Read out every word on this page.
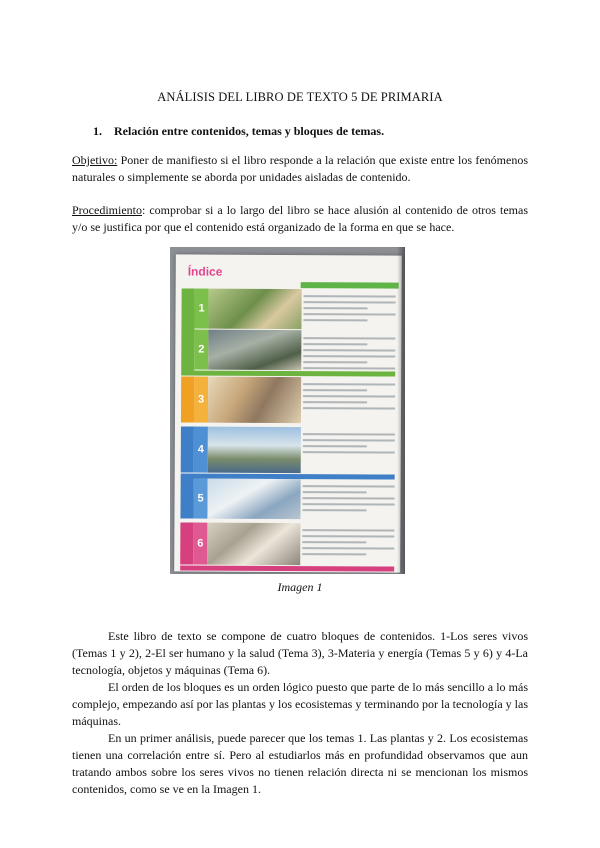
ANÁLISIS DEL LIBRO DE TEXTO 5 DE PRIMARIA
1. Relación entre contenidos, temas y bloques de temas.
Objetivo: Poner de manifiesto si el libro responde a la relación que existe entre los fenómenos naturales o simplemente se aborda por unidades aisladas de contenido.
Procedimiento: comprobar si a lo largo del libro se hace alusión al contenido de otros temas y/o se justifica por que el contenido está organizado de la forma en que se hace.
Índice
1
2
3
4
5
6
Imagen 1
Este libro de texto se compone de cuatro bloques de contenidos. 1-Los seres vivos (Temas 1 y 2), 2-El ser humano y la salud (Tema 3), 3-Materia y energía (Temas 5 y 6) y 4-La tecnología, objetos y máquinas (Tema 6).
El orden de los bloques es un orden lógico puesto que parte de lo más sencillo a lo más complejo, empezando así por las plantas y los ecosistemas y terminando por la tecnología y las máquinas.
En un primer análisis, puede parecer que los temas 1. Las plantas y 2. Los ecosistemas tienen una correlación entre sí. Pero al estudiarlos más en profundidad observamos que aun tratando ambos sobre los seres vivos no tienen relación directa ni se mencionan los mismos contenidos, como se ve en la Imagen 1.
